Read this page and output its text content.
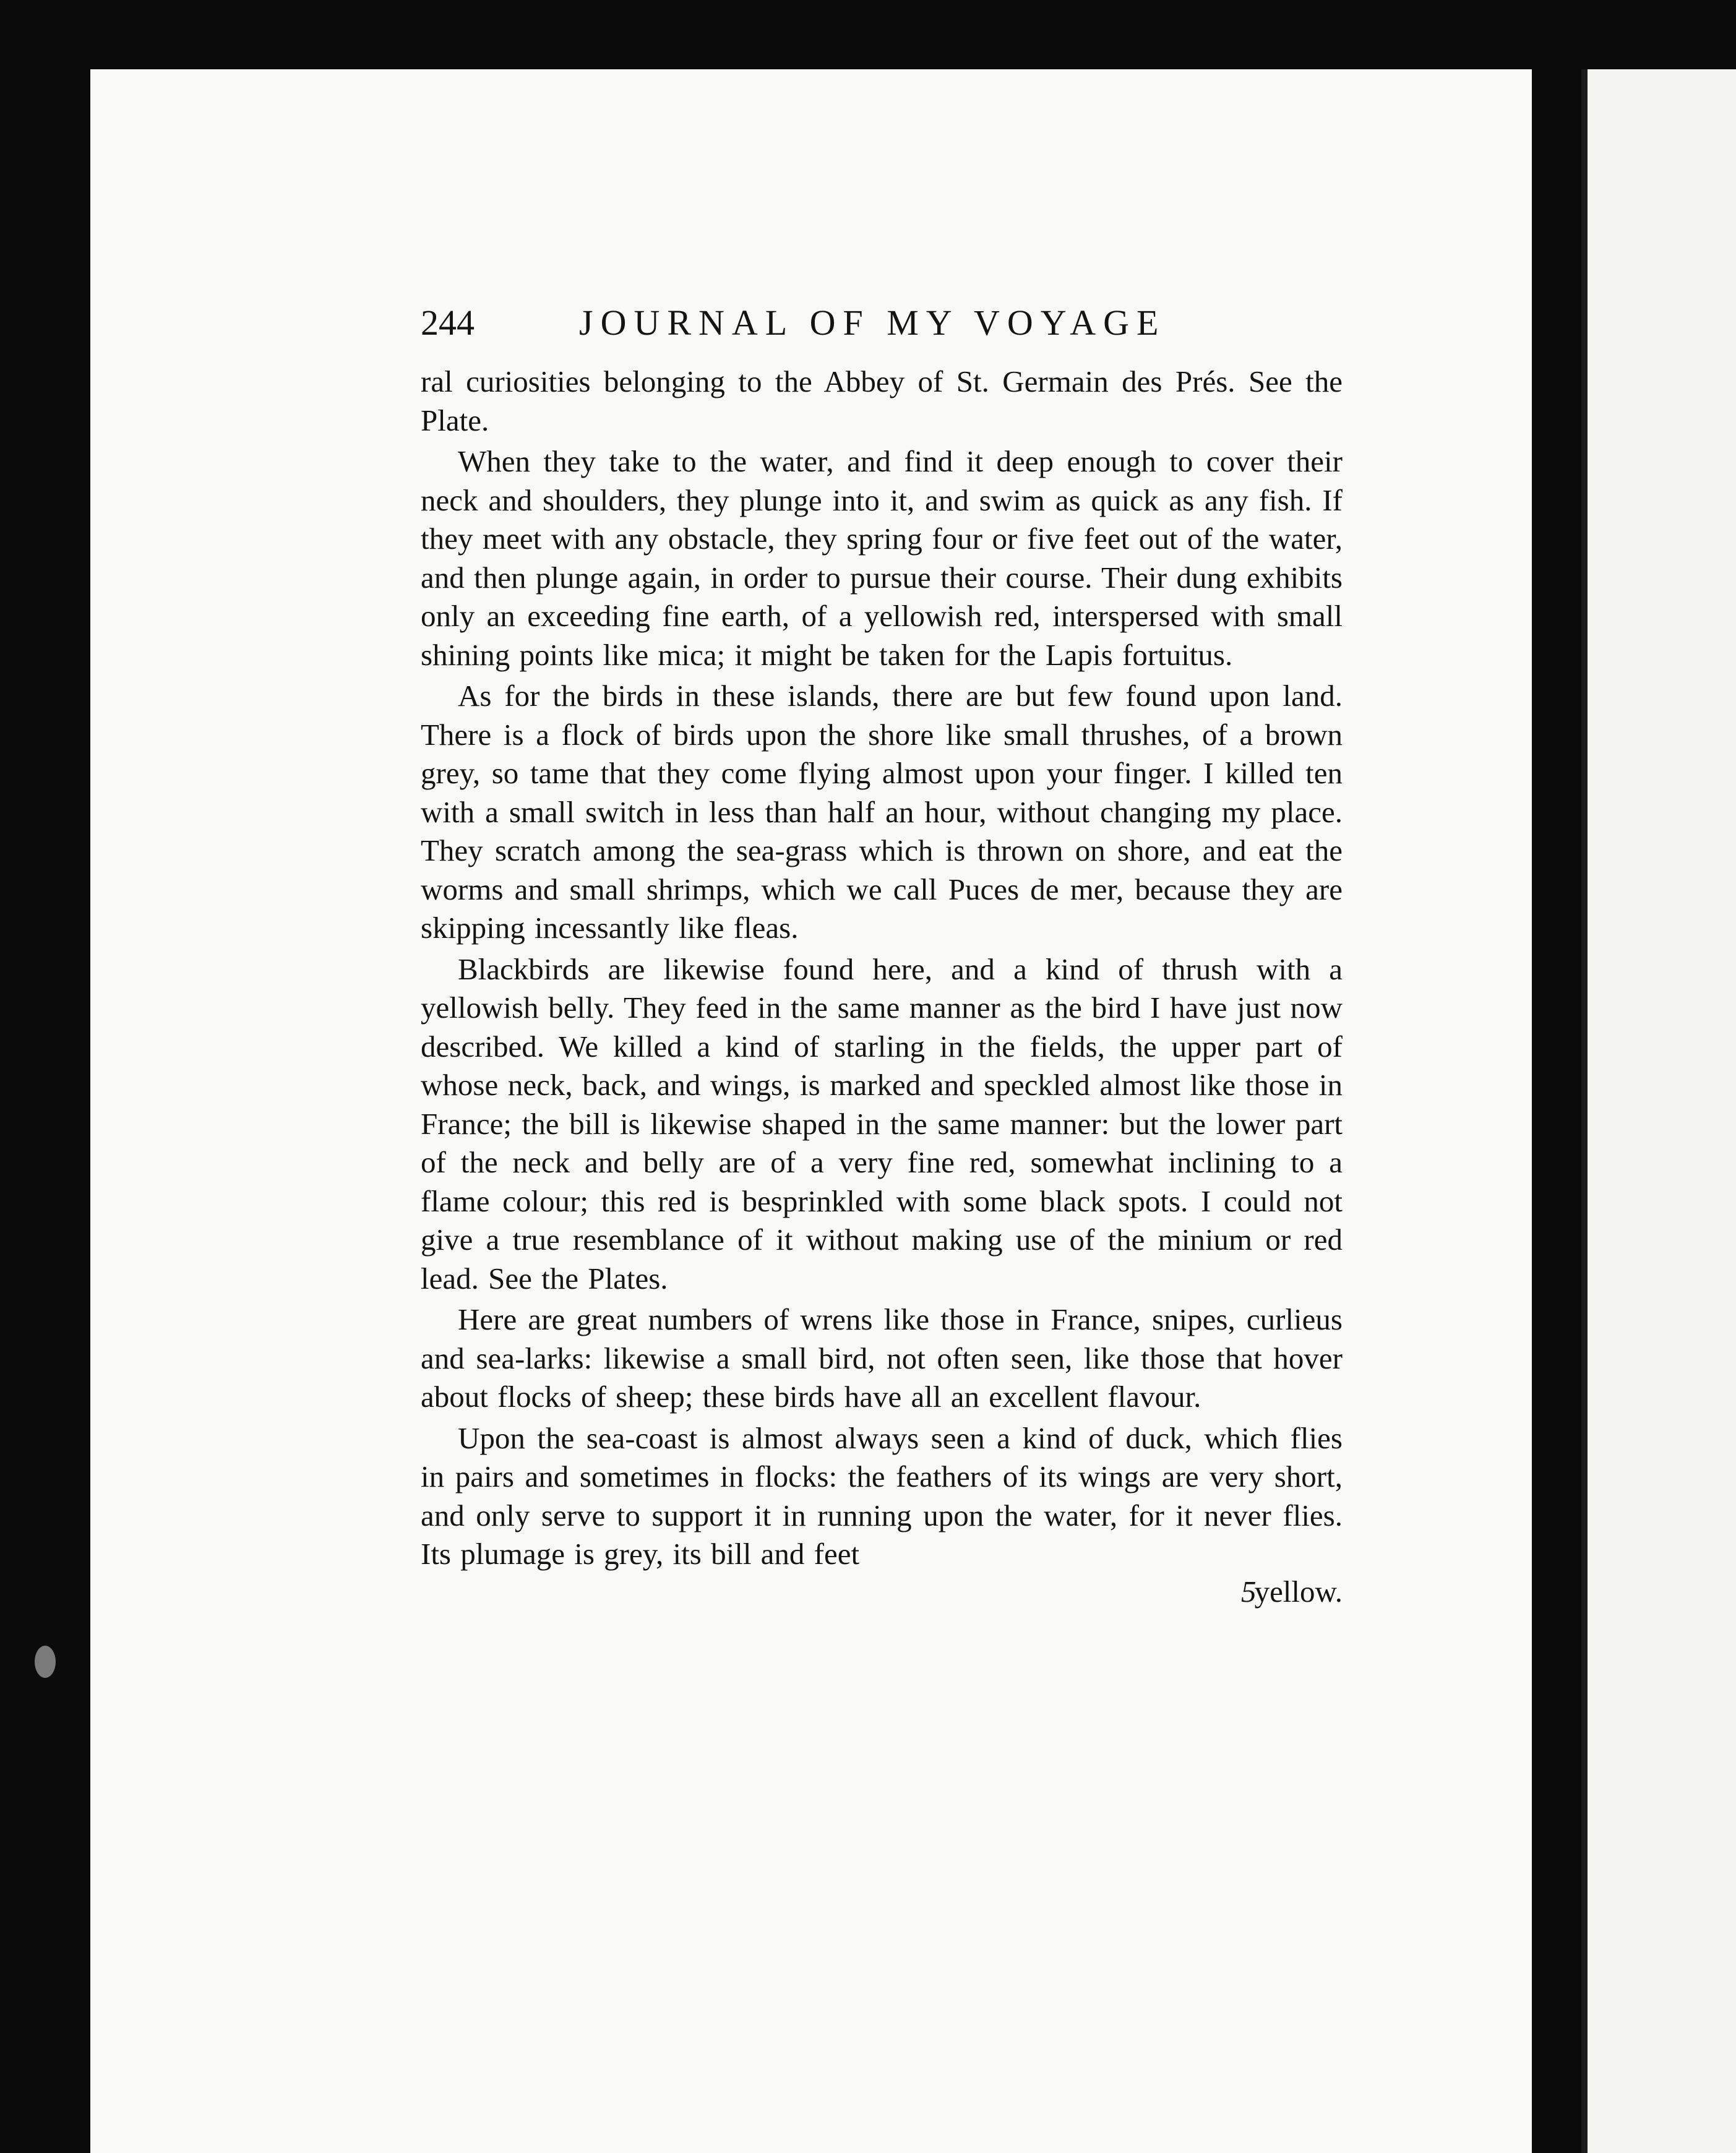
244	JOURNAL OF MY VOYAGE

ral curiosities belonging to the Abbey of St. Germain des Prés. See the Plate.

When they take to the water, and find it deep enough to cover their neck and shoulders, they plunge into it, and swim as quick as any fish. If they meet with any obstacle, they spring four or five feet out of the water, and then plunge again, in order to pursue their course. Their dung exhibits only an exceeding fine earth, of a yellowish red, interspersed with small shining points like mica; it might be taken for the Lapis fortuitus.

As for the birds in these islands, there are but few found upon land. There is a flock of birds upon the shore like small thrushes, of a brown grey, so tame that they come flying almost upon your finger. I killed ten with a small switch in less than half an hour, without changing my place. They scratch among the sea-grass which is thrown on shore, and eat the worms and small shrimps, which we call Puces de mer, because they are skipping incessantly like fleas.

Blackbirds are likewise found here, and a kind of thrush with a yellowish belly. They feed in the same manner as the bird I have just now described. We killed a kind of starling in the fields, the upper part of whose neck, back, and wings, is marked and speckled almost like those in France; the bill is likewise shaped in the same manner: but the lower part of the neck and belly are of a very fine red, somewhat inclining to a flame colour; this red is besprinkled with some black spots. I could not give a true resemblance of it without making use of the minium or red lead. See the Plates.

Here are great numbers of wrens like those in France, snipes, curlieus and sea-larks: likewise a small bird, not often seen, like those that hover about flocks of sheep; these birds have all an excellent flavour.

Upon the sea-coast is almost always seen a kind of duck, which flies in pairs and sometimes in flocks: the feathers of its wings are very short, and only serve to support it in running upon the water, for it never flies. Its plumage is grey, its bill and feet

5
yellow.
